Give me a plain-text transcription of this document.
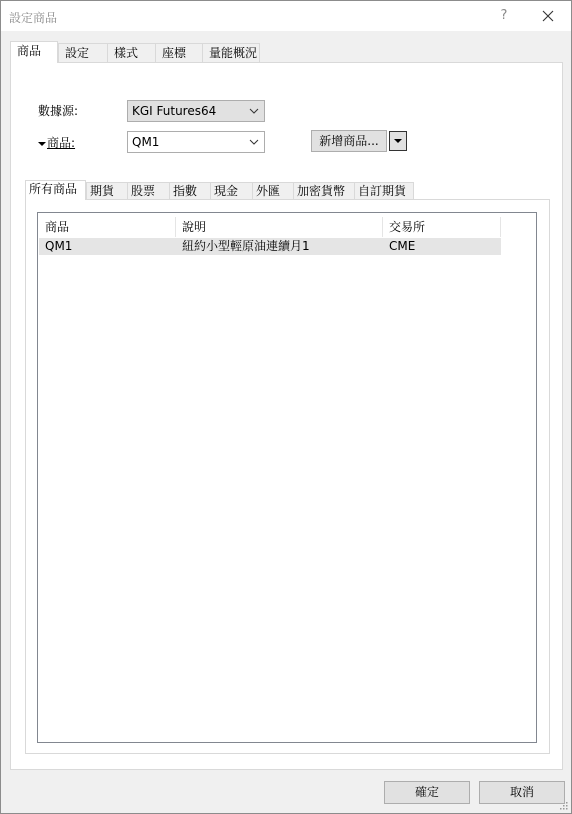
設定商品	?
商品	設定	樣式	座標	量能概況
數據源:	KGI Futures64
商品:	QM1	新增商品...
所有商品	期貨	股票	指數	現金	外匯	加密貨幣	自訂期貨
商品	說明	交易所
QM1	紐約小型輕原油連續月1	CME
確定	取消
